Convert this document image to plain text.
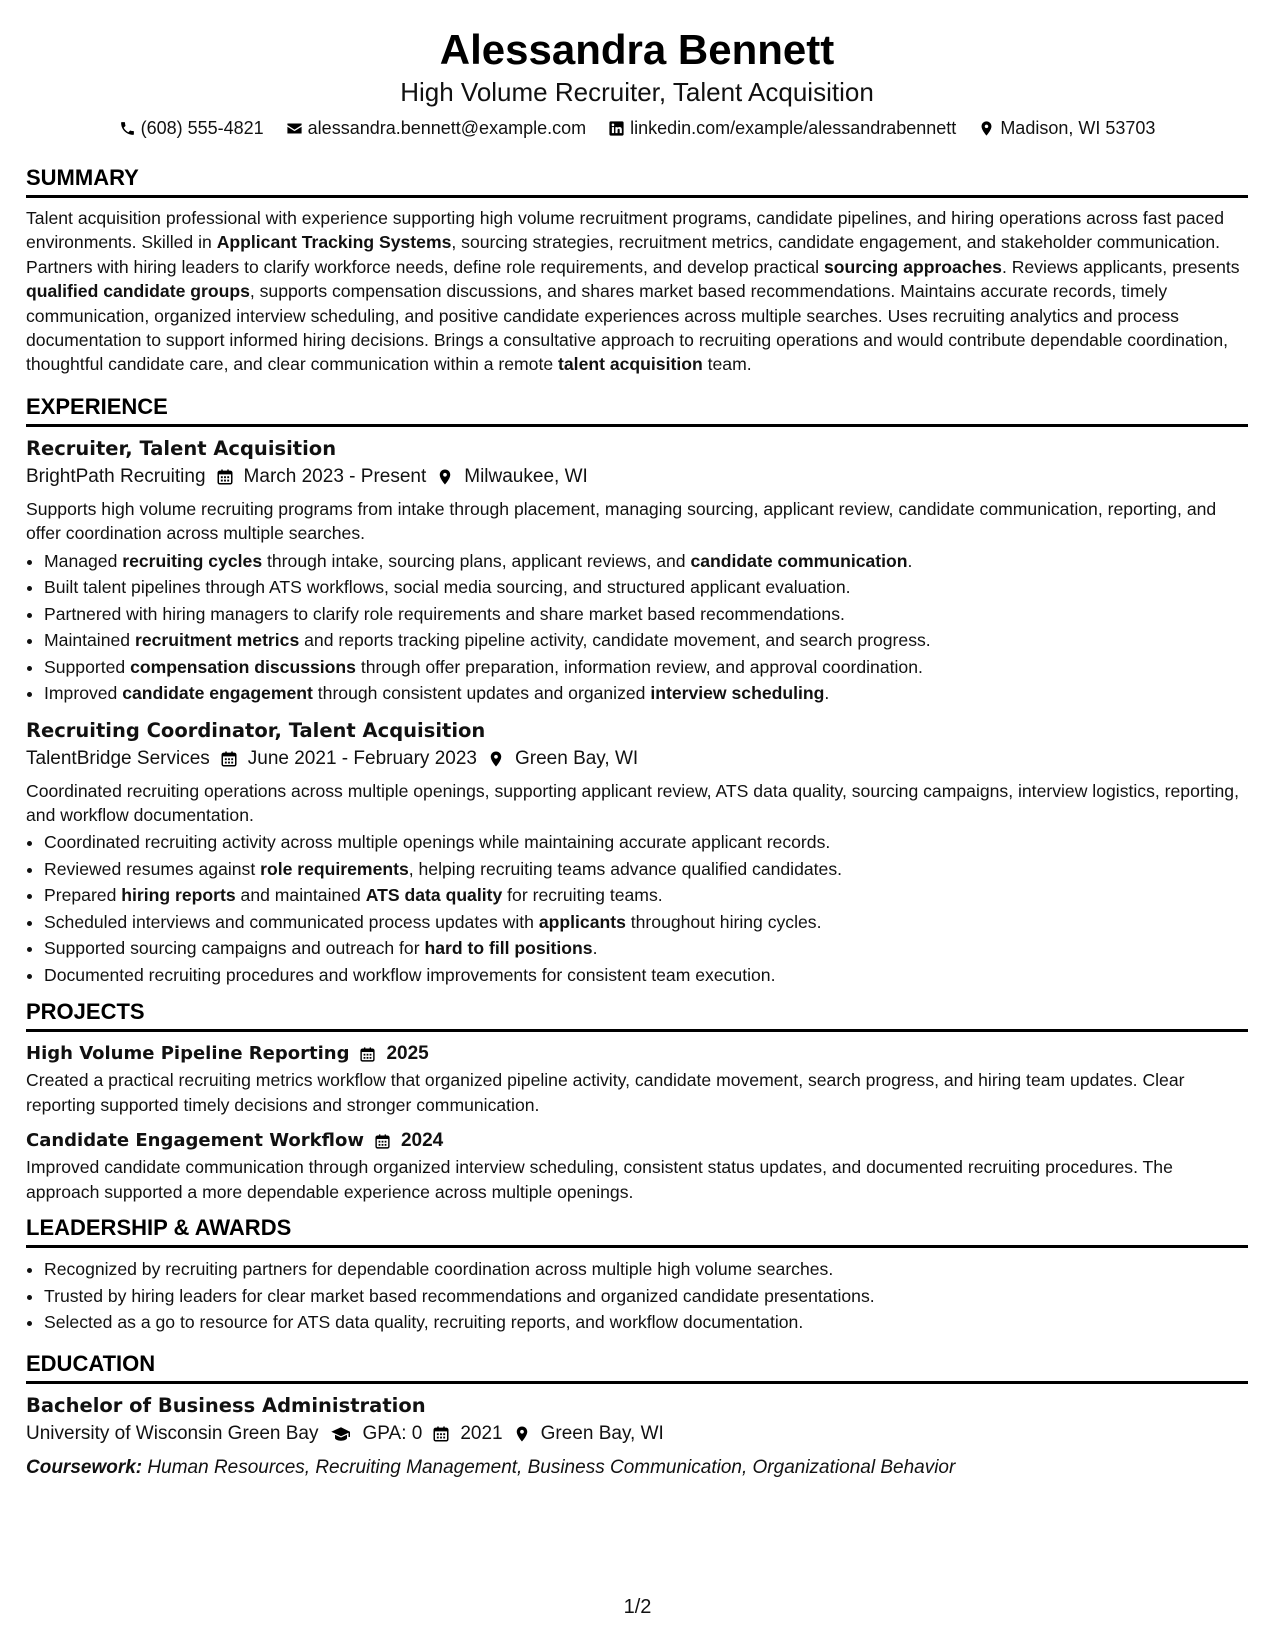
Alessandra Bennett
High Volume Recruiter, Talent Acquisition
(608) 555-4821 alessandra.bennett@example.com linkedin.com/example/alessandrabennett Madison, WI 53703
SUMMARY

Talent acquisition professional with experience supporting high volume recruitment programs, candidate pipelines, and hiring operations across fast paced environments. Skilled in Applicant Tracking Systems, sourcing strategies, recruitment metrics, candidate engagement, and stakeholder communication. Partners with hiring leaders to clarify workforce needs, define role requirements, and develop practical sourcing approaches. Reviews applicants, presents qualified candidate groups, supports compensation discussions, and shares market based recommendations. Maintains accurate records, timely communication, organized interview scheduling, and positive candidate experiences across multiple searches. Uses recruiting analytics and process documentation to support informed hiring decisions. Brings a consultative approach to recruiting operations and would contribute dependable coordination, thoughtful candidate care, and clear communication within a remote talent acquisition team.

EXPERIENCE
Recruiter, Talent Acquisition
BrightPath Recruiting March 2023 - Present Milwaukee, WI

Supports high volume recruiting programs from intake through placement, managing sourcing, applicant review, candidate communication, reporting, and offer coordination across multiple searches.

• Managed recruiting cycles through intake, sourcing plans, applicant reviews, and candidate communication.
• Built talent pipelines through ATS workflows, social media sourcing, and structured applicant evaluation.
• Partnered with hiring managers to clarify role requirements and share market based recommendations.
• Maintained recruitment metrics and reports tracking pipeline activity, candidate movement, and search progress.
• Supported compensation discussions through offer preparation, information review, and approval coordination.
• Improved candidate engagement through consistent updates and organized interview scheduling.
Recruiting Coordinator, Talent Acquisition
TalentBridge Services June 2021 - February 2023 Green Bay, WI

Coordinated recruiting operations across multiple openings, supporting applicant review, ATS data quality, sourcing campaigns, interview logistics, reporting, and workflow documentation.

• Coordinated recruiting activity across multiple openings while maintaining accurate applicant records.
• Reviewed resumes against role requirements, helping recruiting teams advance qualified candidates.
• Prepared hiring reports and maintained ATS data quality for recruiting teams.
• Scheduled interviews and communicated process updates with applicants throughout hiring cycles.
• Supported sourcing campaigns and outreach for hard to fill positions.
• Documented recruiting procedures and workflow improvements for consistent team execution.
PROJECTS
High Volume Pipeline Reporting 2025

Created a practical recruiting metrics workflow that organized pipeline activity, candidate movement, search progress, and hiring team updates. Clear reporting supported timely decisions and stronger communication.

Candidate Engagement Workflow 2024

Improved candidate communication through organized interview scheduling, consistent status updates, and documented recruiting procedures. The approach supported a more dependable experience across multiple openings.

LEADERSHIP & AWARDS
• Recognized by recruiting partners for dependable coordination across multiple high volume searches.
• Trusted by hiring leaders for clear market based recommendations and organized candidate presentations.
• Selected as a go to resource for ATS data quality, recruiting reports, and workflow documentation.
EDUCATION
Bachelor of Business Administration
University of Wisconsin Green Bay GPA: 0 2021 Green Bay, WI
Coursework: Human Resources, Recruiting Management, Business Communication, Organizational Behavior
1/2
